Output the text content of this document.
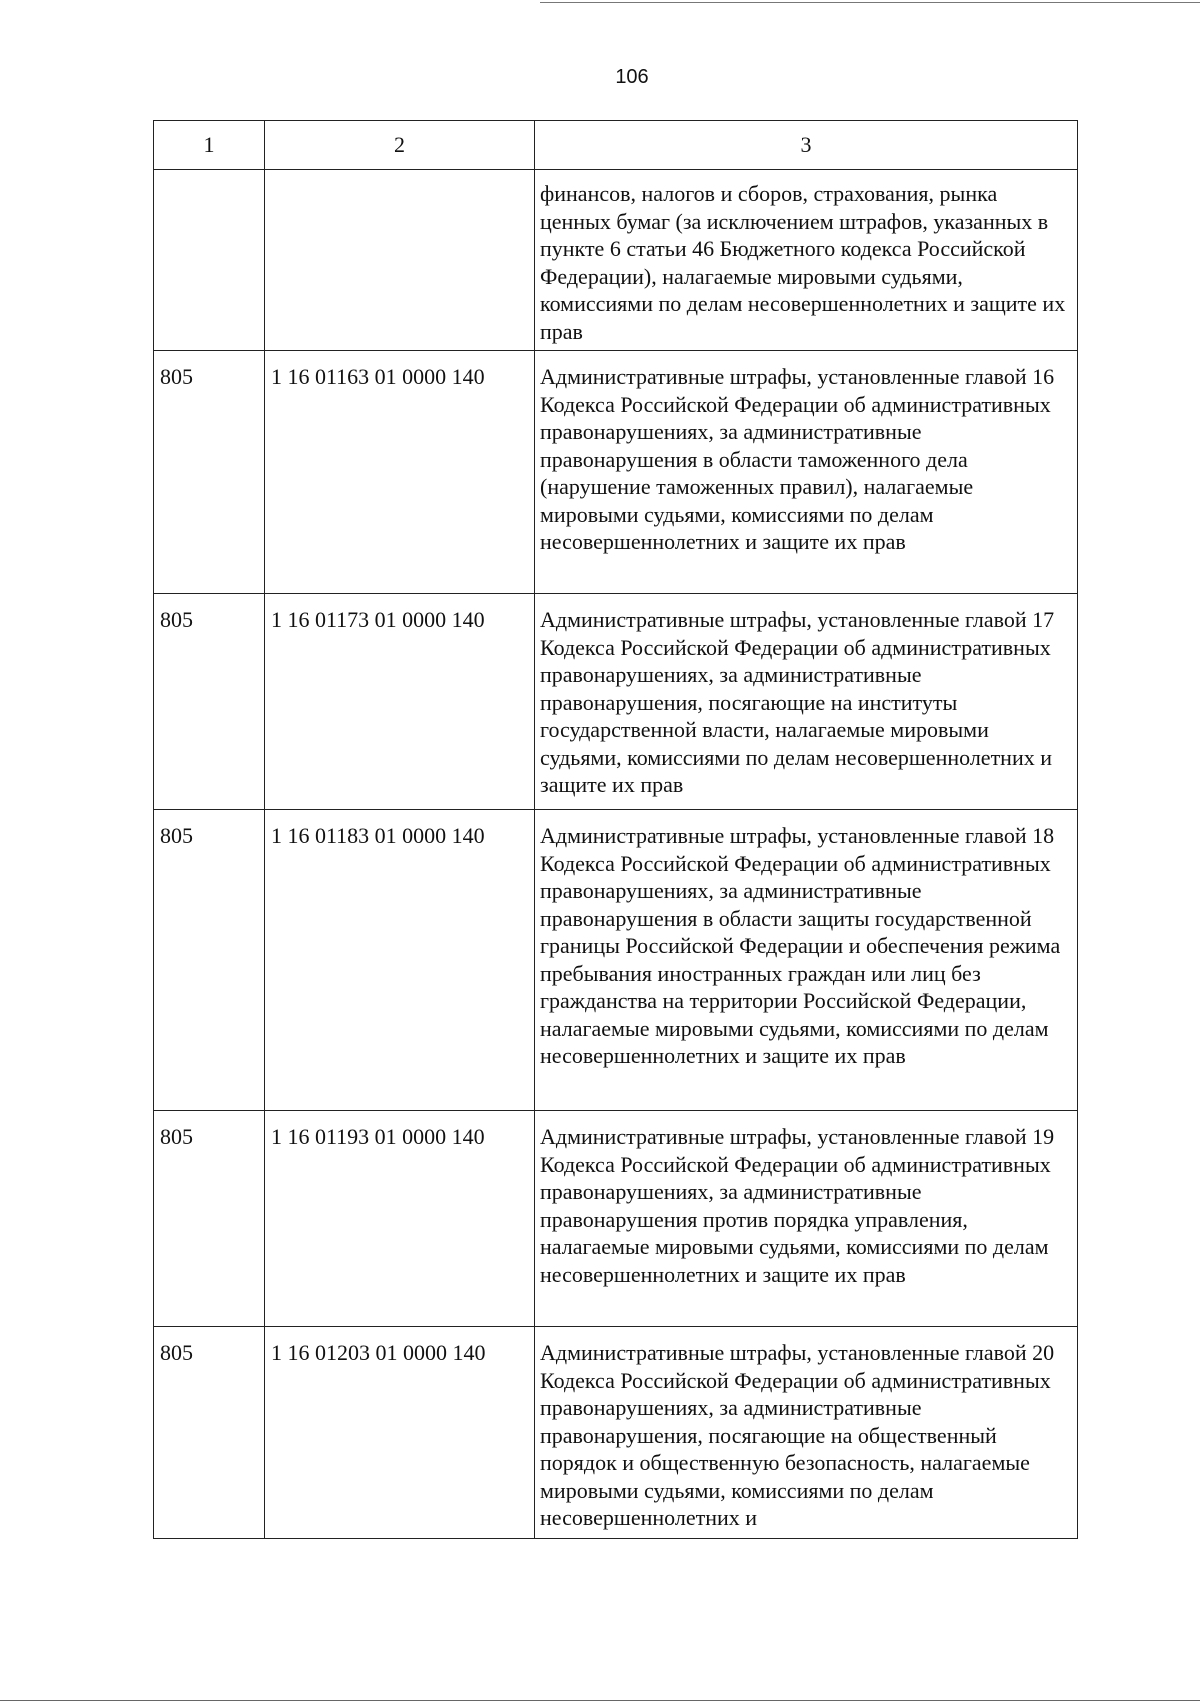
106
1	2	3
		финансов, налогов и сборов, страхования, рынка ценных бумаг (за исключением штрафов, указанных в пункте 6 статьи 46 Бюджетного кодекса Российской Федерации), налагаемые мировыми судьями, комиссиями по делам несовершеннолетних и защите их прав
805	1 16 01163 01 0000 140	Административные штрафы, установленные главой 16 Кодекса Российской Федерации об административных правонарушениях, за административные правонарушения в области таможенного дела (нарушение таможенных правил), налагаемые мировыми судьями, комиссиями по делам несовершеннолетних и защите их прав
805	1 16 01173 01 0000 140	Административные штрафы, установленные главой 17 Кодекса Российской Федерации об административных правонарушениях, за административные правонарушения, посягающие на институты государственной власти, налагаемые мировыми судьями, комиссиями по делам несовершеннолетних и защите их прав
805	1 16 01183 01 0000 140	Административные штрафы, установленные главой 18 Кодекса Российской Федерации об административных правонарушениях, за административные правонарушения в области защиты государственной границы Российской Федерации и обеспечения режима пребывания иностранных граждан или лиц без гражданства на территории Российской Федерации, налагаемые мировыми судьями, комиссиями по делам несовершеннолетних и защите их прав
805	1 16 01193 01 0000 140	Административные штрафы, установленные главой 19 Кодекса Российской Федерации об административных правонарушениях, за административные правонарушения против порядка управления, налагаемые мировыми судьями, комиссиями по делам несовершеннолетних и защите их прав
805	1 16 01203 01 0000 140	Административные штрафы, установленные главой 20 Кодекса Российской Федерации об административных правонарушениях, за административные правонарушения, посягающие на общественный порядок и общественную безопасность, налагаемые мировыми судьями, комиссиями по делам несовершеннолетних и
